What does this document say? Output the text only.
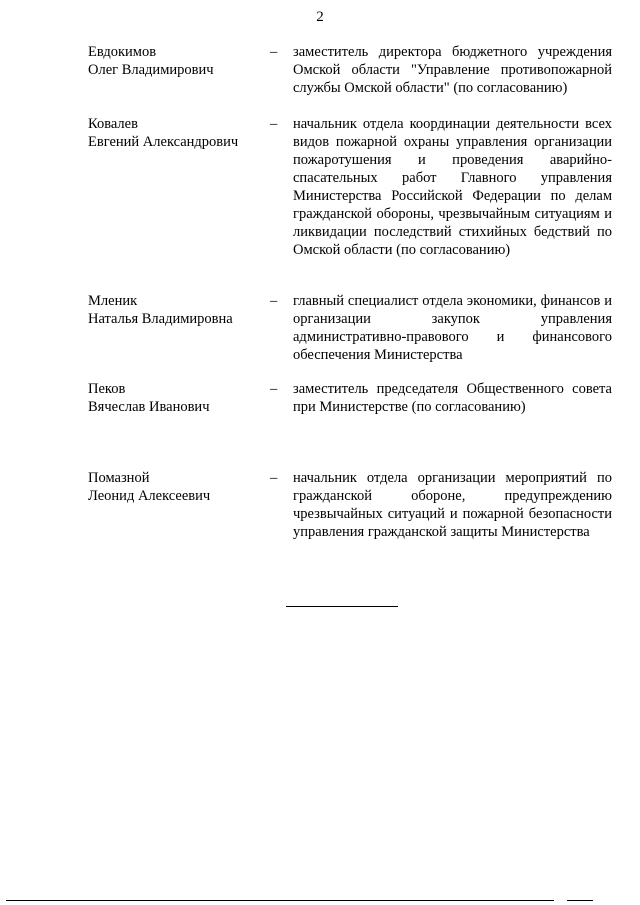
2
Евдокимов
Олег Владимирович
– заместитель директора бюджетного учреждения Омской области "Управление противопожарной службы Омской области" (по согласованию)

Ковалев
Евгений Александрович
– начальник отдела координации деятельности всех видов пожарной охраны управления организации пожаротушения и проведения аварийно-спасательных работ Главного управления Министерства Российской Федерации по делам гражданской обороны, чрезвычайным ситуациям и ликвидации последствий стихийных бедствий по Омской области (по согласованию)

Мленик
Наталья Владимировна
– главный специалист отдела экономики, финансов и организации закупок управления административно-правового и финансового обеспечения Министерства

Пеков
Вячеслав Иванович
– заместитель председателя Общественного совета при Министерстве (по согласованию)

Помазной
Леонид Алексеевич
– начальник отдела организации мероприятий по гражданской обороне, предупреждению чрезвычайных ситуаций и пожарной безопасности управления гражданской защиты Министерства
